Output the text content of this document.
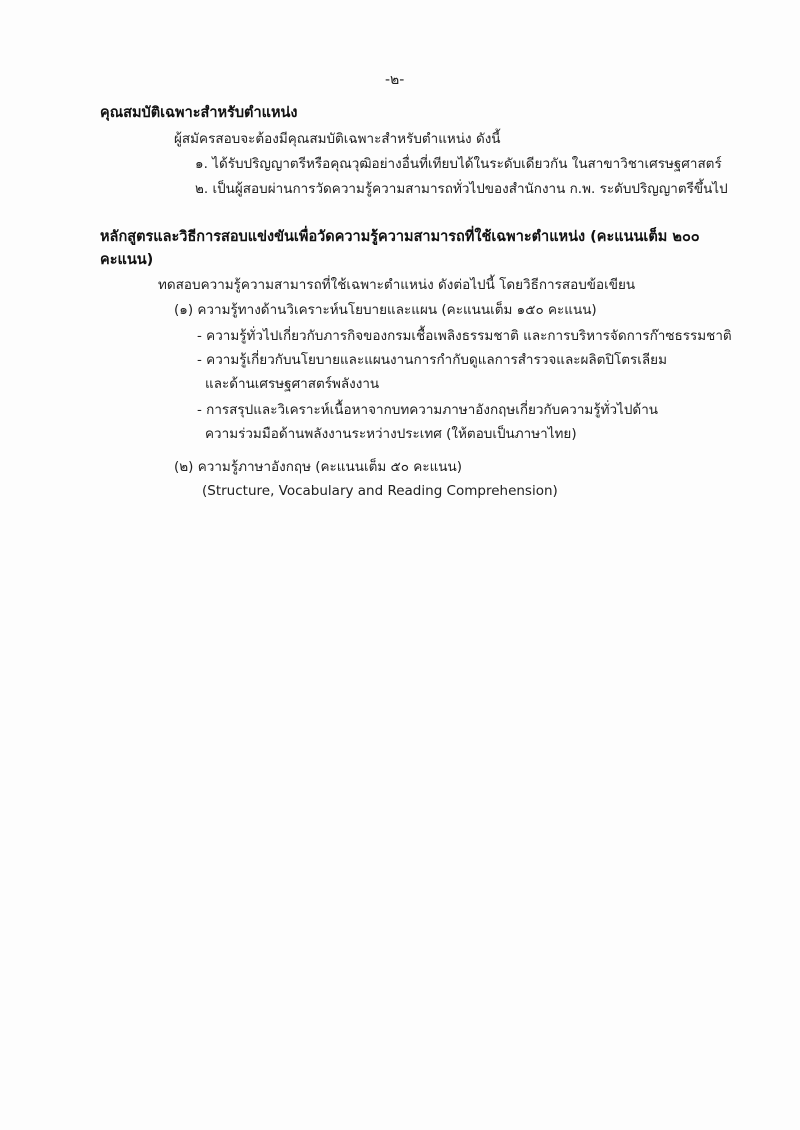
-๒-
คุณสมบัติเฉพาะสำหรับตำแหน่ง
ผู้สมัครสอบจะต้องมีคุณสมบัติเฉพาะสำหรับตำแหน่ง ดังนี้
๑. ได้รับปริญญาตรีหรือคุณวุฒิอย่างอื่นที่เทียบได้ในระดับเดียวกัน ในสาขาวิชาเศรษฐศาสตร์
๒. เป็นผู้สอบผ่านการวัดความรู้ความสามารถทั่วไปของสำนักงาน ก.พ. ระดับปริญญาตรีขึ้นไป
หลักสูตรและวิธีการสอบแข่งขันเพื่อวัดความรู้ความสามารถที่ใช้เฉพาะตำแหน่ง (คะแนนเต็ม ๒๐๐
คะแนน)
ทดสอบความรู้ความสามารถที่ใช้เฉพาะตำแหน่ง ดังต่อไปนี้ โดยวิธีการสอบข้อเขียน
(๑) ความรู้ทางด้านวิเคราะห์นโยบายและแผน (คะแนนเต็ม ๑๕๐ คะแนน)
- ความรู้ทั่วไปเกี่ยวกับภารกิจของกรมเชื้อเพลิงธรรมชาติ และการบริหารจัดการก๊าซธรรมชาติ
- ความรู้เกี่ยวกับนโยบายและแผนงานการกำกับดูแลการสำรวจและผลิตปิโตรเลียม
และด้านเศรษฐศาสตร์พลังงาน
- การสรุปและวิเคราะห์เนื้อหาจากบทความภาษาอังกฤษเกี่ยวกับความรู้ทั่วไปด้าน
ความร่วมมือด้านพลังงานระหว่างประเทศ (ให้ตอบเป็นภาษาไทย)
(๒) ความรู้ภาษาอังกฤษ (คะแนนเต็ม ๕๐ คะแนน)
(Structure, Vocabulary and Reading Comprehension)
